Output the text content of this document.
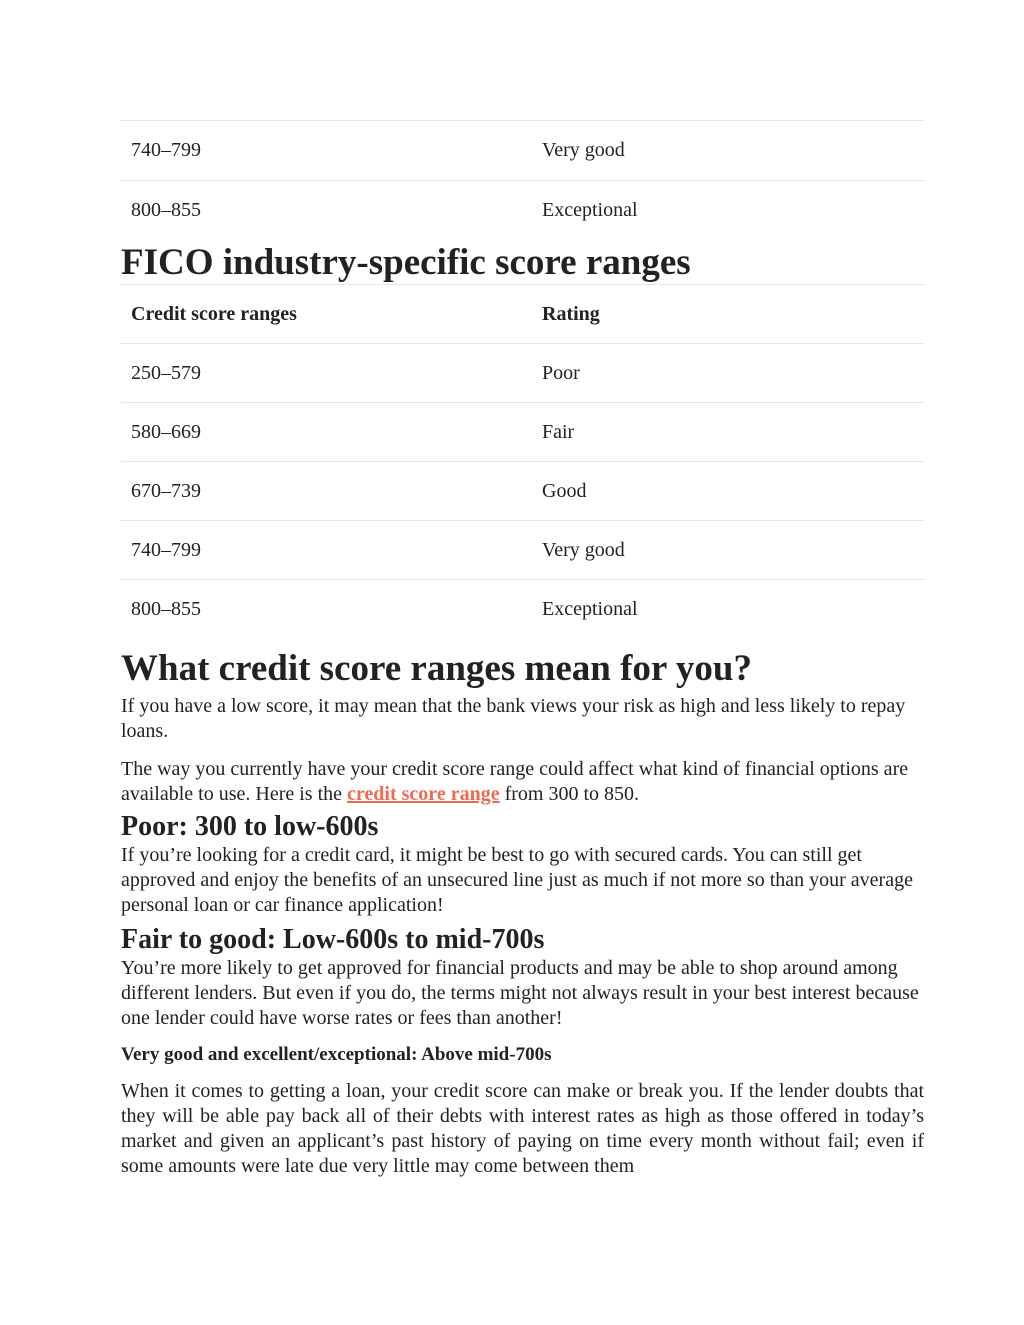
740–799	Very good
800–855	Exceptional
FICO industry-specific score ranges
Credit score ranges	Rating
250–579	Poor
580–669	Fair
670–739	Good
740–799	Very good
800–855	Exceptional
What credit score ranges mean for you?

If you have a low score, it may mean that the bank views your risk as high and less likely to repay loans.

The way you currently have your credit score range could affect what kind of financial options are available to use. Here is the credit score range from 300 to 850.

Poor: 300 to low-600s

If you’re looking for a credit card, it might be best to go with secured cards. You can still get approved and enjoy the benefits of an unsecured line just as much if not more so than your average personal loan or car finance application!

Fair to good: Low-600s to mid-700s

You’re more likely to get approved for financial products and may be able to shop around among different lenders. But even if you do, the terms might not always result in your best interest because one lender could have worse rates or fees than another!

Very good and excellent/exceptional: Above mid-700s

When it comes to getting a loan, your credit score can make or break you. If the lender doubts that they will be able pay back all of their debts with interest rates as high as those offered in today’s market and given an applicant’s past history of paying on time every month without fail; even if some amounts were late due very little may come between them
